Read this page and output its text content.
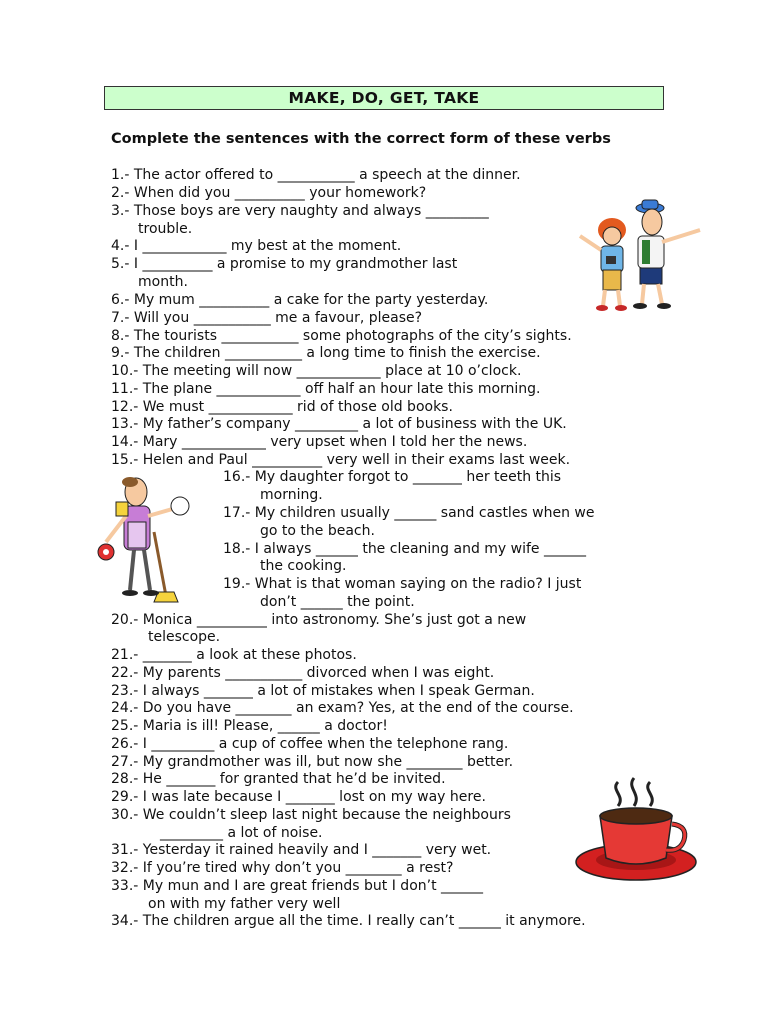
MAKE, DO, GET, TAKE
Complete the sentences with the correct form of these verbs
1.- The actor offered to ___________ a speech at the dinner.
2.- When did you __________ your homework?
3.- Those boys are very naughty and always _________
trouble.
4.- I ____________ my best at the moment.
5.- I __________ a promise to my grandmother last
month.
6.- My mum __________ a cake for the party yesterday.
7.- Will you ___________ me a favour, please?
8.- The tourists ___________ some photographs of the city’s sights.
9.- The children ___________ a long time to finish the exercise.
10.- The meeting will now ____________ place at 10 o’clock.
11.- The plane ____________ off half an hour late this morning.
12.- We must ____________ rid of those old books.
13.- My father’s company _________ a lot of business with the UK.
14.- Mary ____________ very upset when I told her the news.
15.- Helen and Paul __________ very well in their exams last week.
16.- My daughter forgot to _______ her teeth this
morning.
17.- My children usually ______ sand castles when we
go to the beach.
18.- I always ______ the cleaning and my wife ______
the cooking.
19.- What is that woman saying on the radio? I just
don’t ______ the point.
20.- Monica __________ into astronomy. She’s just got a new
telescope.
21.- _______ a look at these photos.
22.- My parents ___________ divorced when I was eight.
23.- I always _______ a lot of mistakes when I speak German.
24.- Do you have ________ an exam? Yes, at the end of the course.
25.- Maria is ill! Please, ______ a doctor!
26.- I _________ a cup of coffee when the telephone rang.
27.- My grandmother was ill, but now she ________ better.
28.- He _______ for granted that he’d be invited.
29.- I was late because I _______ lost on my way here.
30.- We couldn’t sleep last night because the neighbours
_________ a lot of noise.
31.- Yesterday it rained heavily and I _______ very wet.
32.- If you’re tired why don’t you ________ a rest?
33.- My mun and I are great friends but I don’t ______
on with my father very well
34.- The children argue all the time. I really can’t ______ it anymore.
